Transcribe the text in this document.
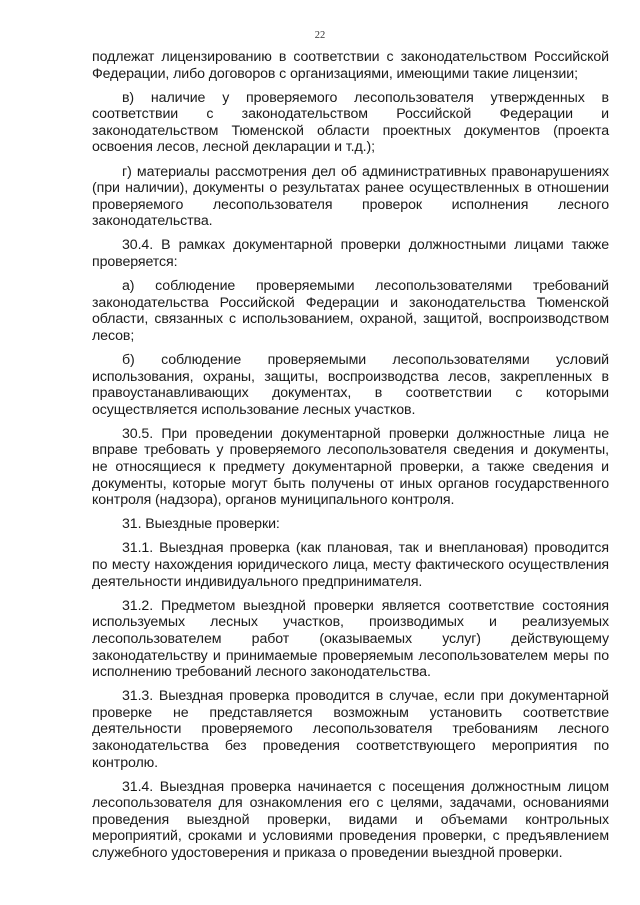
22

подлежат лицензированию в соответствии с законодательством Российской Федерации, либо договоров с организациями, имеющими такие лицензии;

в) наличие у проверяемого лесопользователя утвержденных в соответствии с законодательством Российской Федерации и законодательством Тюменской области проектных документов (проекта освоения лесов, лесной декларации и т.д.);

г) материалы рассмотрения дел об административных правонарушениях (при наличии), документы о результатах ранее осуществленных в отношении проверяемого лесопользователя проверок исполнения лесного законодательства.

30.4. В рамках документарной проверки должностными лицами также проверяется:

а) соблюдение проверяемыми лесопользователями требований законодательства Российской Федерации и законодательства Тюменской области, связанных с использованием, охраной, защитой, воспроизводством лесов;

б) соблюдение проверяемыми лесопользователями условий использования, охраны, защиты, воспроизводства лесов, закрепленных в правоустанавливающих документах, в соответствии с которыми осуществляется использование лесных участков.

30.5. При проведении документарной проверки должностные лица не вправе требовать у проверяемого лесопользователя сведения и документы, не относящиеся к предмету документарной проверки, а также сведения и документы, которые могут быть получены от иных органов государственного контроля (надзора), органов муниципального контроля.

31. Выездные проверки:

31.1. Выездная проверка (как плановая, так и внеплановая) проводится по месту нахождения юридического лица, месту фактического осуществления деятельности индивидуального предпринимателя.

31.2. Предметом выездной проверки является соответствие состояния используемых лесных участков, производимых и реализуемых лесопользователем работ (оказываемых услуг) действующему законодательству и принимаемые проверяемым лесопользователем меры по исполнению требований лесного законодательства.

31.3. Выездная проверка проводится в случае, если при документарной проверке не представляется возможным установить соответствие деятельности проверяемого лесопользователя требованиям лесного законодательства без проведения соответствующего мероприятия по контролю.

31.4. Выездная проверка начинается с посещения должностным лицом лесопользователя для ознакомления его с целями, задачами, основаниями проведения выездной проверки, видами и объемами контрольных мероприятий, сроками и условиями проведения проверки, с предъявлением служебного удостоверения и приказа о проведении выездной проверки.
